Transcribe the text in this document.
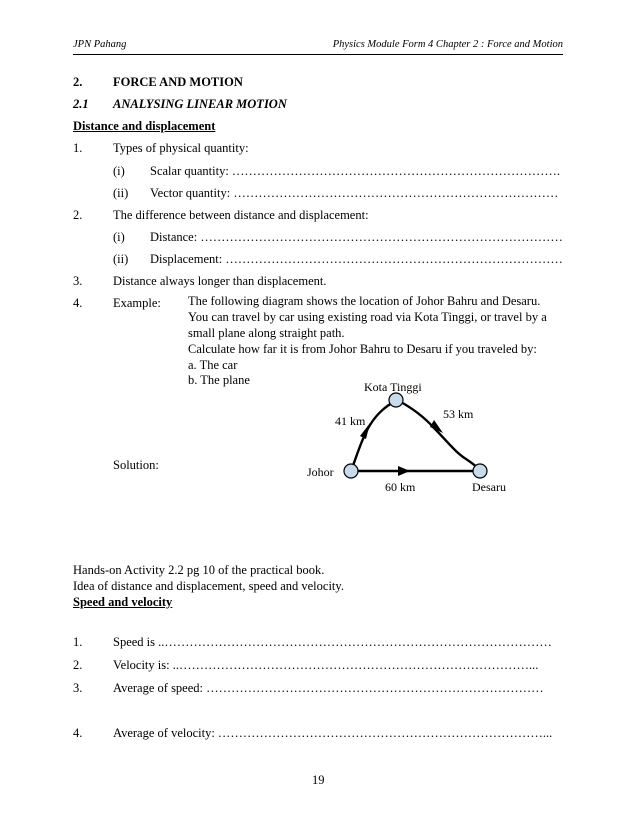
JPN Pahang	Physics Module Form 4 Chapter 2 : Force and Motion
2. FORCE AND MOTION
2.1 ANALYSING LINEAR MOTION
Distance and displacement
1. Types of physical quantity:
(i) Scalar quantity: …………………………………………………………………….
(ii) Vector quantity: ……………………………………………………………………
2. The difference between distance and displacement:
(i) Distance: ……………………………………………………………………………
(ii) Displacement: ………………………………………………………………………
3. Distance always longer than displacement.
4. Example: The following diagram shows the location of Johor Bahru and Desaru.
You can travel by car using existing road via Kota Tinggi, or travel by a
small plane along straight path.
Calculate how far it is from Johor Bahru to Desaru if you traveled by:
a. The car
b. The plane
Solution:
Kota Tinggi
41 km	53 km
Johor
60 km	Desaru
Hands-on Activity 2.2 pg 10 of the practical book.
Idea of distance and displacement, speed and velocity.
Speed and velocity
1. Speed is ..…………………………………………………………………………………
2. Velocity is: ..…………………………………………………………………………...
3. Average of speed: ………………………………………………………………………
4. Average of velocity: ……………………………………………………………………...
19
